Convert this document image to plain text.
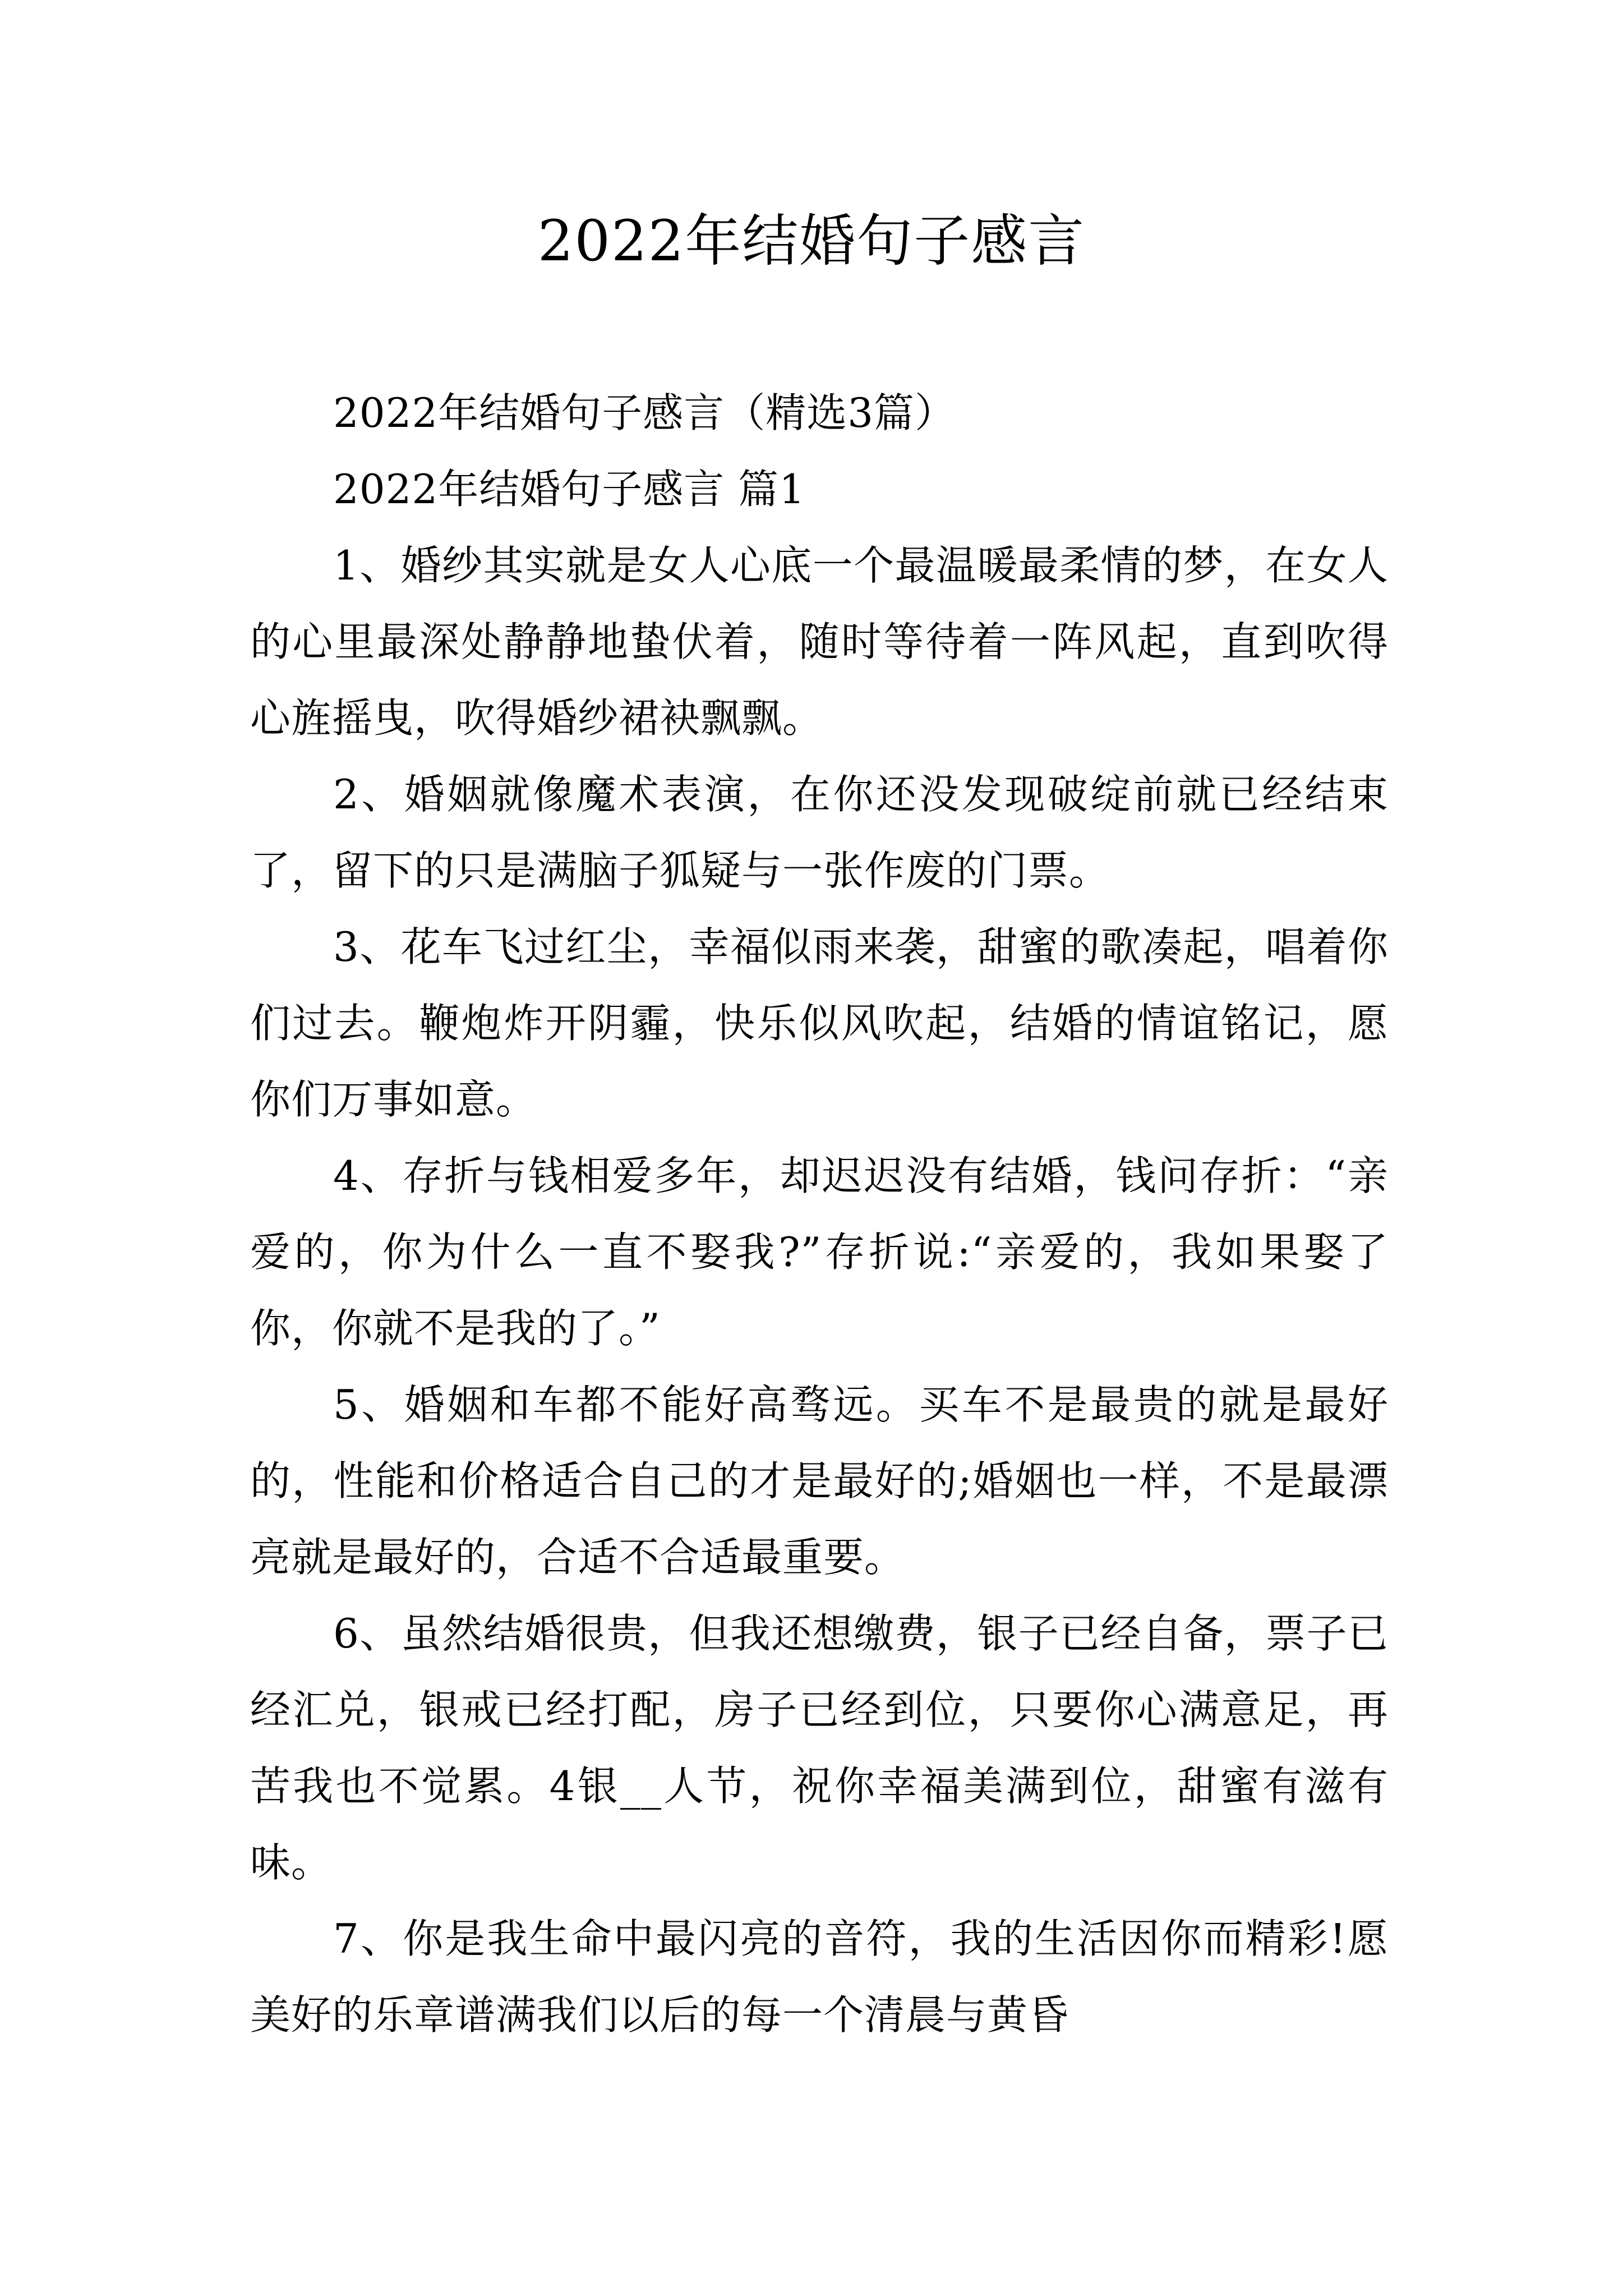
2022年结婚句子感言

2022年结婚句子感言（精选3篇）

2022年结婚句子感言 篇1

1、婚纱其实就是女人心底一个最温暖最柔情的梦，在女人的心里最深处静静地蛰伏着，随时等待着一阵风起，直到吹得心旌摇曳，吹得婚纱裙袂飘飘。

2、婚姻就像魔术表演，在你还没发现破绽前就已经结束了，留下的只是满脑子狐疑与一张作废的门票。

3、花车飞过红尘，幸福似雨来袭，甜蜜的歌凑起，唱着你们过去。鞭炮炸开阴霾，快乐似风吹起，结婚的情谊铭记，愿你们万事如意。

4、存折与钱相爱多年，却迟迟没有结婚，钱问存折：“亲爱的，你为什么一直不娶我?”存折说:“亲爱的，我如果娶了你，你就不是我的了。”

5、婚姻和车都不能好高骛远。买车不是最贵的就是最好的，性能和价格适合自己的才是最好的;婚姻也一样，不是最漂亮就是最好的，合适不合适最重要。

6、虽然结婚很贵，但我还想缴费，银子已经自备，票子已经汇兑，银戒已经打配，房子已经到位，只要你心满意足，再苦我也不觉累。4银__人节，祝你幸福美满到位，甜蜜有滋有味。

7、你是我生命中最闪亮的音符，我的生活因你而精彩!愿美好的乐章谱满我们以后的每一个清晨与黄昏
